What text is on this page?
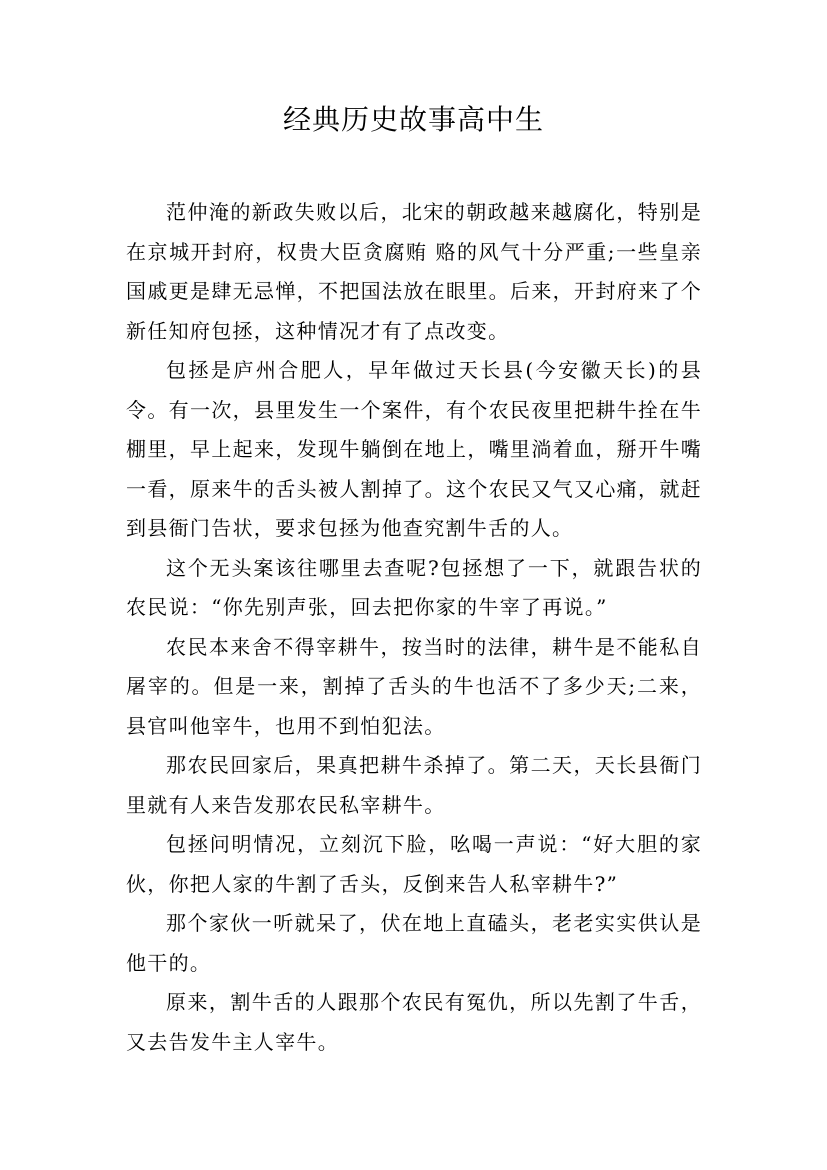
经典历史故事高中生

范仲淹的新政失败以后，北宋的朝政越来越腐化，特别是在京城开封府，权贵大臣贪腐贿 赂的风气十分严重;一些皇亲国戚更是肆无忌惮，不把国法放在眼里。后来，开封府来了个新任知府包拯，这种情况才有了点改变。

包拯是庐州合肥人，早年做过天长县(今安徽天长)的县令。有一次，县里发生一个案件，有个农民夜里把耕牛拴在牛棚里，早上起来，发现牛躺倒在地上，嘴里淌着血，掰开牛嘴一看，原来牛的舌头被人割掉了。这个农民又气又心痛，就赶到县衙门告状，要求包拯为他查究割牛舌的人。

这个无头案该往哪里去查呢?包拯想了一下，就跟告状的农民说：“你先别声张，回去把你家的牛宰了再说。”

农民本来舍不得宰耕牛，按当时的法律，耕牛是不能私自屠宰的。但是一来，割掉了舌头的牛也活不了多少天;二来，县官叫他宰牛，也用不到怕犯法。

那农民回家后，果真把耕牛杀掉了。第二天，天长县衙门里就有人来告发那农民私宰耕牛。

包拯问明情况，立刻沉下脸，吆喝一声说：“好大胆的家伙，你把人家的牛割了舌头，反倒来告人私宰耕牛?”

那个家伙一听就呆了，伏在地上直磕头，老老实实供认是他干的。

原来，割牛舌的人跟那个农民有冤仇，所以先割了牛舌，又去告发牛主人宰牛。
